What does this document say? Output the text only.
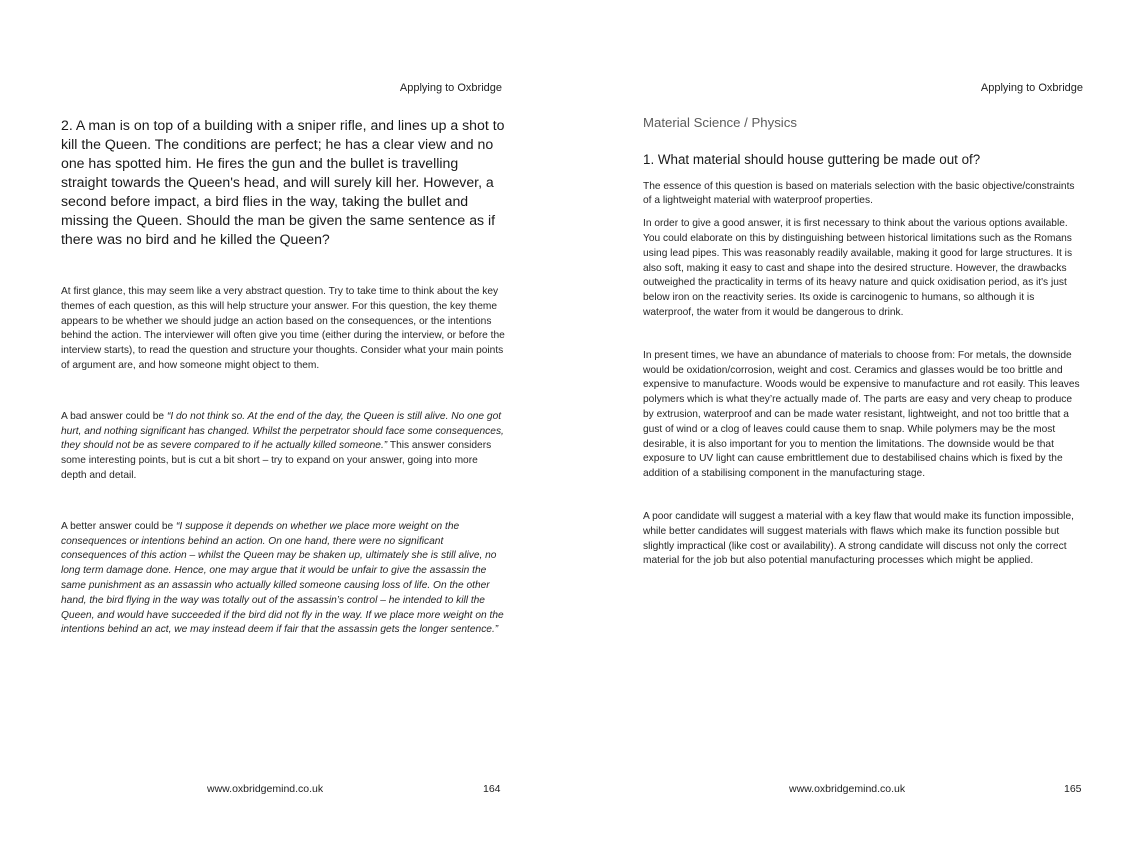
Applying to Oxbridge

2. A man is on top of a building with a sniper rifle, and lines up a shot to kill the Queen. The conditions are perfect; he has a clear view and no one has spotted him. He fires the gun and the bullet is travelling straight towards the Queen's head, and will surely kill her. However, a second before impact, a bird flies in the way, taking the bullet and missing the Queen. Should the man be given the same sentence as if there was no bird and he killed the Queen?

At first glance, this may seem like a very abstract question. Try to take time to think about the key themes of each question, as this will help structure your answer. For this question, the key theme appears to be whether we should judge an action based on the consequences, or the intentions behind the action. The interviewer will often give you time (either during the interview, or before the interview starts), to read the question and structure your thoughts. Consider what your main points of argument are, and how someone might object to them.

A bad answer could be “I do not think so. At the end of the day, the Queen is still alive. No one got hurt, and nothing significant has changed. Whilst the perpetrator should face some consequences, they should not be as severe compared to if he actually killed someone.” This answer considers some interesting points, but is cut a bit short – try to expand on your answer, going into more depth and detail.

A better answer could be “I suppose it depends on whether we place more weight on the consequences or intentions behind an action. On one hand, there were no significant consequences of this action – whilst the Queen may be shaken up, ultimately she is still alive, no long term damage done. Hence, one may argue that it would be unfair to give the assassin the same punishment as an assassin who actually killed someone causing loss of life. On the other hand, the bird flying in the way was totally out of the assassin’s control – he intended to kill the Queen, and would have succeeded if the bird did not fly in the way. If we place more weight on the intentions behind an act, we may instead deem if fair that the assassin gets the longer sentence.”

www.oxbridgemind.co.uk	164
Applying to Oxbridge

Material Science / Physics

1. What material should house guttering be made out of?

The essence of this question is based on materials selection with the basic objective/constraints of a lightweight material with waterproof properties.

In order to give a good answer, it is first necessary to think about the various options available. You could elaborate on this by distinguishing between historical limitations such as the Romans using lead pipes. This was reasonably readily available, making it good for large structures. It is also soft, making it easy to cast and shape into the desired structure. However, the drawbacks outweighed the practicality in terms of its heavy nature and quick oxidisation period, as it's just below iron on the reactivity series. Its oxide is carcinogenic to humans, so although it is waterproof, the water from it would be dangerous to drink.

In present times, we have an abundance of materials to choose from: For metals, the downside would be oxidation/corrosion, weight and cost. Ceramics and glasses would be too brittle and expensive to manufacture. Woods would be expensive to manufacture and rot easily. This leaves polymers which is what they’re actually made of. The parts are easy and very cheap to produce by extrusion, waterproof and can be made water resistant, lightweight, and not too brittle that a gust of wind or a clog of leaves could cause them to snap. While polymers may be the most desirable, it is also important for you to mention the limitations. The downside would be that exposure to UV light can cause embrittlement due to destabilised chains which is fixed by the addition of a stabilising component in the manufacturing stage.

A poor candidate will suggest a material with a key flaw that would make its function impossible, while better candidates will suggest materials with flaws which make its function possible but slightly impractical (like cost or availability). A strong candidate will discuss not only the correct material for the job but also potential manufacturing processes which might be applied.

www.oxbridgemind.co.uk	165
